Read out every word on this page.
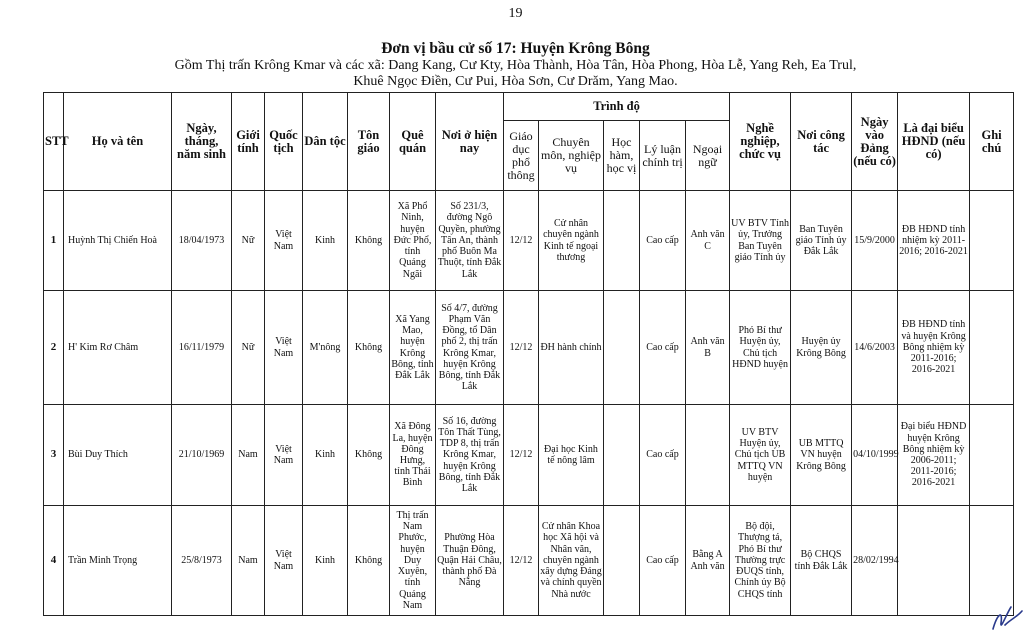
19
Đơn vị bầu cử số 17: Huyện Krông Bông
Gồm Thị trấn Krông Kmar và các xã: Dang Kang, Cư Kty, Hòa Thành, Hòa Tân, Hòa Phong, Hòa Lễ, Yang Reh, Ea Trul,
Khuê Ngọc Điền, Cư Pui, Hòa Sơn, Cư Drăm, Yang Mao.
STT	Họ và tên	Ngày, tháng, năm sinh	Giới tính	Quốc tịch	Dân tộc	Tôn giáo	Quê quán	Nơi ở hiện nay	Trình độ					Nghề nghiệp, chức vụ	Nơi công tác	Ngày vào Đảng (nếu có)	Là đại biểu HĐND (nếu có)	Ghi chú
									Giáo dục phổ thông	Chuyên môn, nghiệp vụ	Học hàm, học vị	Lý luận chính trị	Ngoại ngữ					
1	Huỳnh Thị Chiến Hoà	18/04/1973	Nữ	Việt Nam	Kinh	Không	Xã Phổ Ninh, huyện Đức Phổ, tỉnh Quảng Ngãi	Số 231/3, đường Ngô Quyền, phường Tân An, thành phố Buôn Ma Thuột, tỉnh Đắk Lắk	12/12	Cử nhân chuyên ngành Kinh tế ngoại thương		Cao cấp	Anh văn C	UV BTV Tỉnh ủy, Trưởng Ban Tuyên giáo Tỉnh ủy	Ban Tuyên giáo Tỉnh ủy Đắk Lắk	15/9/2000	ĐB HĐND tỉnh nhiệm kỳ 2011-2016; 2016-2021	
2	H' Kim Rơ Châm	16/11/1979	Nữ	Việt Nam	M'nông	Không	Xã Yang Mao, huyện Krông Bông, tỉnh Đắk Lắk	Số 4/7, đường Phạm Văn Đồng, tổ Dân phố 2, thị trấn Krông Kmar, huyện Krông Bông, tỉnh Đắk Lắk	12/12	ĐH hành chính		Cao cấp	Anh văn B	Phó Bí thư Huyện ủy, Chủ tịch HĐND huyện	Huyện ủy Krông Bông	14/6/2003	ĐB HĐND tỉnh và huyện Krông Bông nhiệm kỳ 2011-2016; 2016-2021	
3	Bùi Duy Thích	21/10/1969	Nam	Việt Nam	Kinh	Không	Xã Đông La, huyện Đông Hưng, tỉnh Thái Bình	Số 16, đường Tôn Thất Tùng, TDP 8, thị trấn Krông Kmar, huyện Krông Bông, tỉnh Đắk Lắk	12/12	Đại học Kinh tế nông lâm		Cao cấp		UV BTV Huyện ủy, Chủ tịch UB MTTQ VN huyện	UB MTTQ VN huyện Krông Bông	04/10/1999	Đại biểu HĐND huyện Krông Bông nhiệm kỳ 2006-2011; 2011-2016; 2016-2021	
4	Trần Minh Trọng	25/8/1973	Nam	Việt Nam	Kinh	Không	Thị trấn Nam Phước, huyện Duy Xuyên, tỉnh Quảng Nam	Phường Hòa Thuận Đông, Quận Hải Châu, thành phố Đà Nẵng	12/12	Cử nhân Khoa học Xã hội và Nhân văn, chuyên ngành xây dựng Đảng và chính quyền Nhà nước		Cao cấp	Bằng A Anh văn	Bộ đội, Thượng tá, Phó Bí thư Thường trực ĐUQS tỉnh, Chính ủy Bộ CHQS tỉnh	Bộ CHQS tỉnh Đắk Lắk	28/02/1994		
